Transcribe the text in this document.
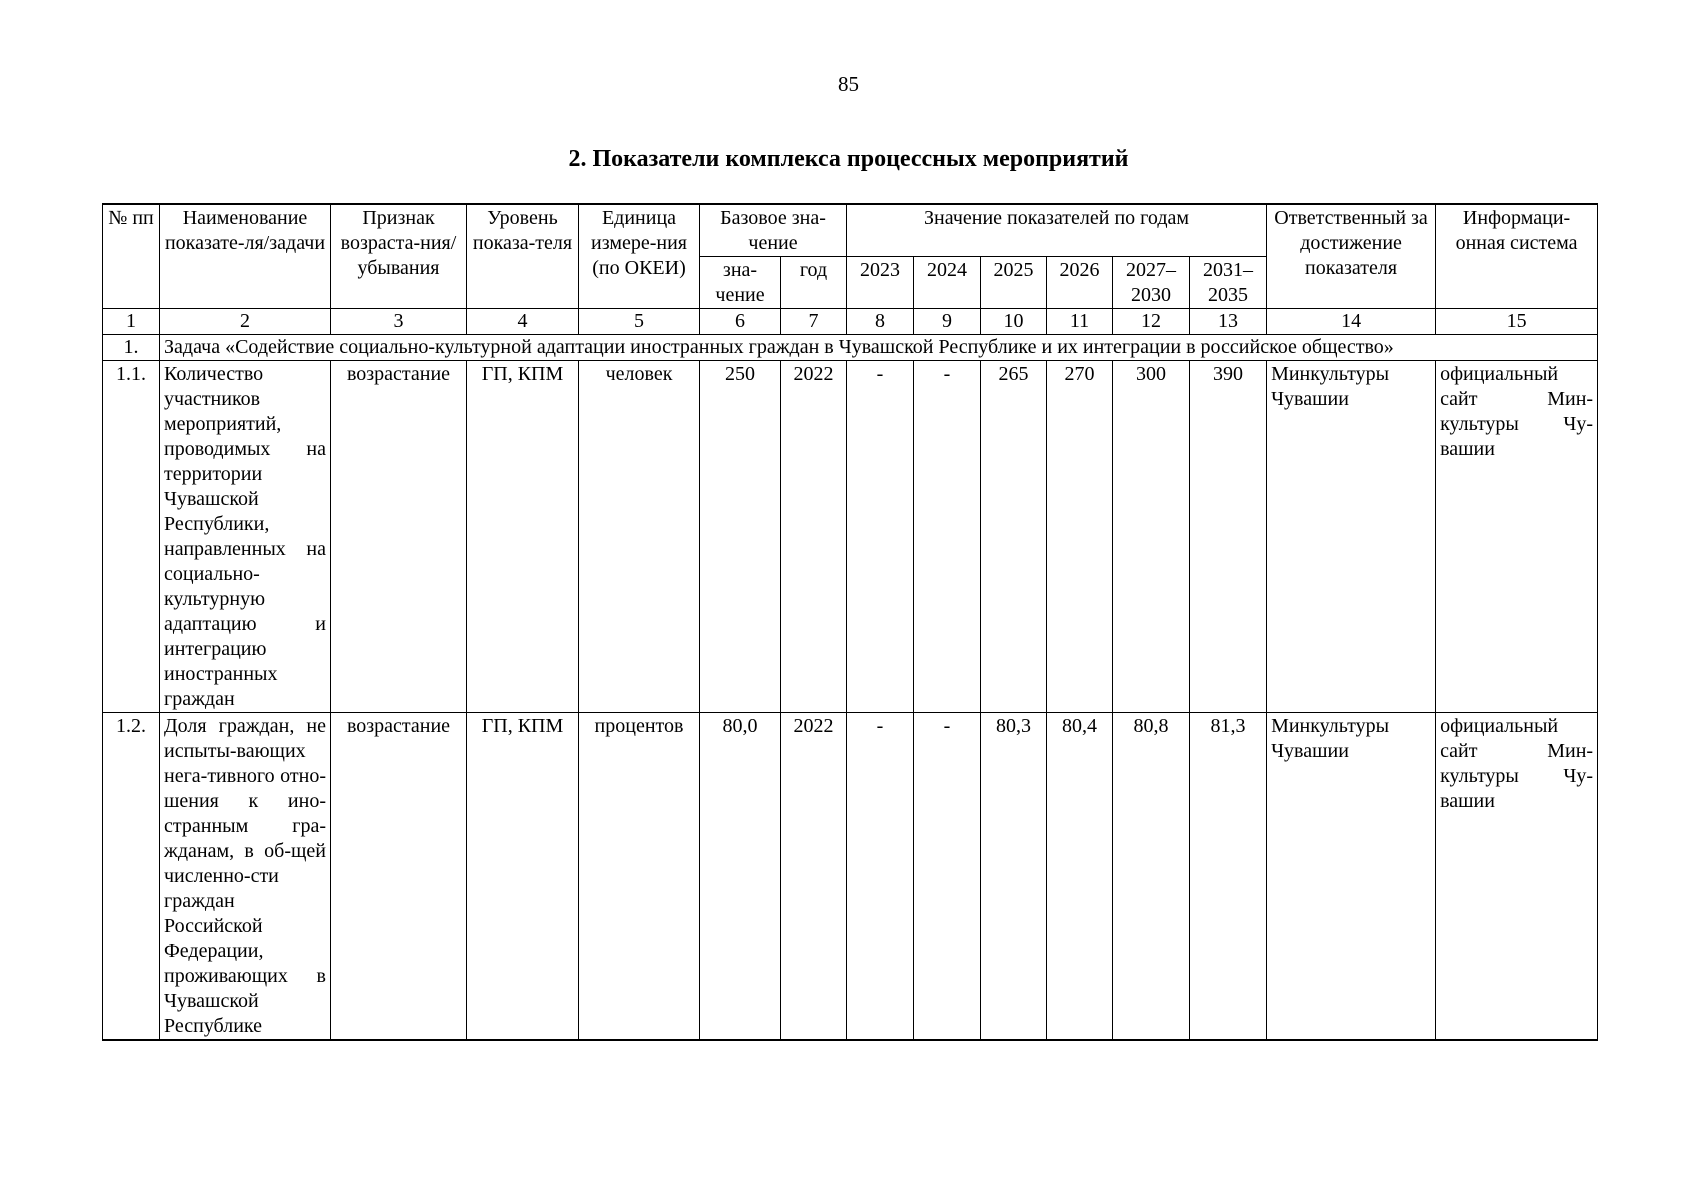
85
2. Показатели комплекса процессных мероприятий
№ пп	Наименование показате-ля/задачи	Признак возраста-ния/ убывания	Уровень показа-теля	Единица измере-ния (по ОКЕИ)	Базовое зна-чение		Значение показателей по годам						Ответственный за достижение показателя	Информаци-онная система
					зна-чение	год	2023	2024	2025	2026	2027–2030	2031–2035		
1	2	3	4	5	6	7	8	9	10	11	12	13	14	15
1.	Задача «Содействие социально-культурной адаптации иностранных граждан в Чувашской Республике и их интеграции в российское общество»													
1.1.	Количество участников мероприятий, проводимых на территории Чувашской Республики, направленных на социально-культурную адаптацию и интеграцию иностранных граждан	возрастание	ГП, КПМ	человек	250	2022	-	-	265	270	300	390	Минкультуры Чувашии	официальный сайт Мин-культуры Чу-вашии
1.2.	Доля граждан, не испыты-вающих нега-тивного отно-шения к ино-странным гра-жданам, в об-щей численно-сти граждан Российской Федерации, проживающих в Чувашской Республике	возрастание	ГП, КПМ	процентов	80,0	2022	-	-	80,3	80,4	80,8	81,3	Минкультуры Чувашии	официальный сайт Мин-культуры Чу-вашии
